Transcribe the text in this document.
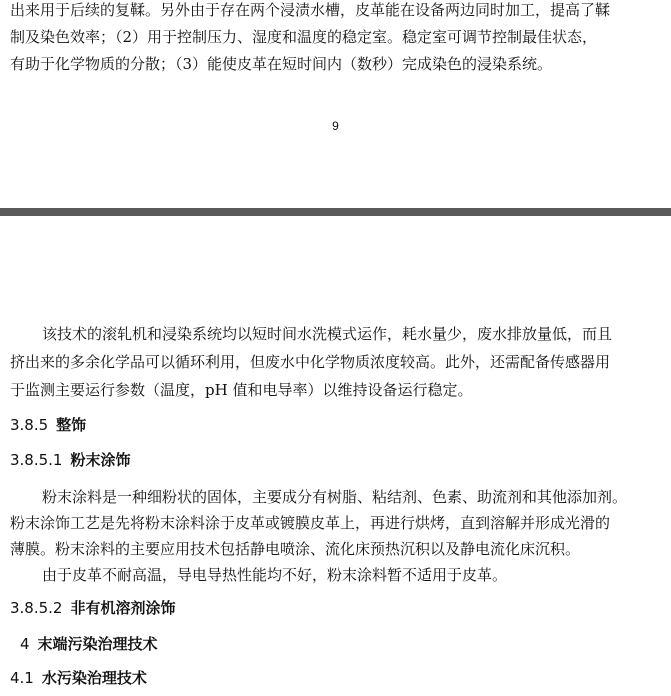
出来用于后续的复鞣。另外由于存在两个浸渍水槽，皮革能在设备两边同时加工，提高了鞣
制及染色效率；（2）用于控制压力、湿度和温度的稳定室。稳定室可调节控制最佳状态，
有助于化学物质的分散；（3）能使皮革在短时间内（数秒）完成染色的浸染系统。
9
该技术的滚轧机和浸染系统均以短时间水洗模式运作，耗水量少，废水排放量低，而且
挤出来的多余化学品可以循环利用，但废水中化学物质浓度较高。此外，还需配备传感器用
于监测主要运行参数（温度，pH 值和电导率）以维持设备运行稳定。
3.8.5 整饰
3.8.5.1 粉末涂饰
粉末涂料是一种细粉状的固体，主要成分有树脂、粘结剂、色素、助流剂和其他添加剂。
粉末涂饰工艺是先将粉末涂料涂于皮革或镀膜皮革上，再进行烘烤，直到溶解并形成光滑的
薄膜。粉末涂料的主要应用技术包括静电喷涂、流化床预热沉积以及静电流化床沉积。
由于皮革不耐高温，导电导热性能均不好，粉末涂料暂不适用于皮革。
3.8.5.2 非有机溶剂涂饰
4 末端污染治理技术
4.1 水污染治理技术
